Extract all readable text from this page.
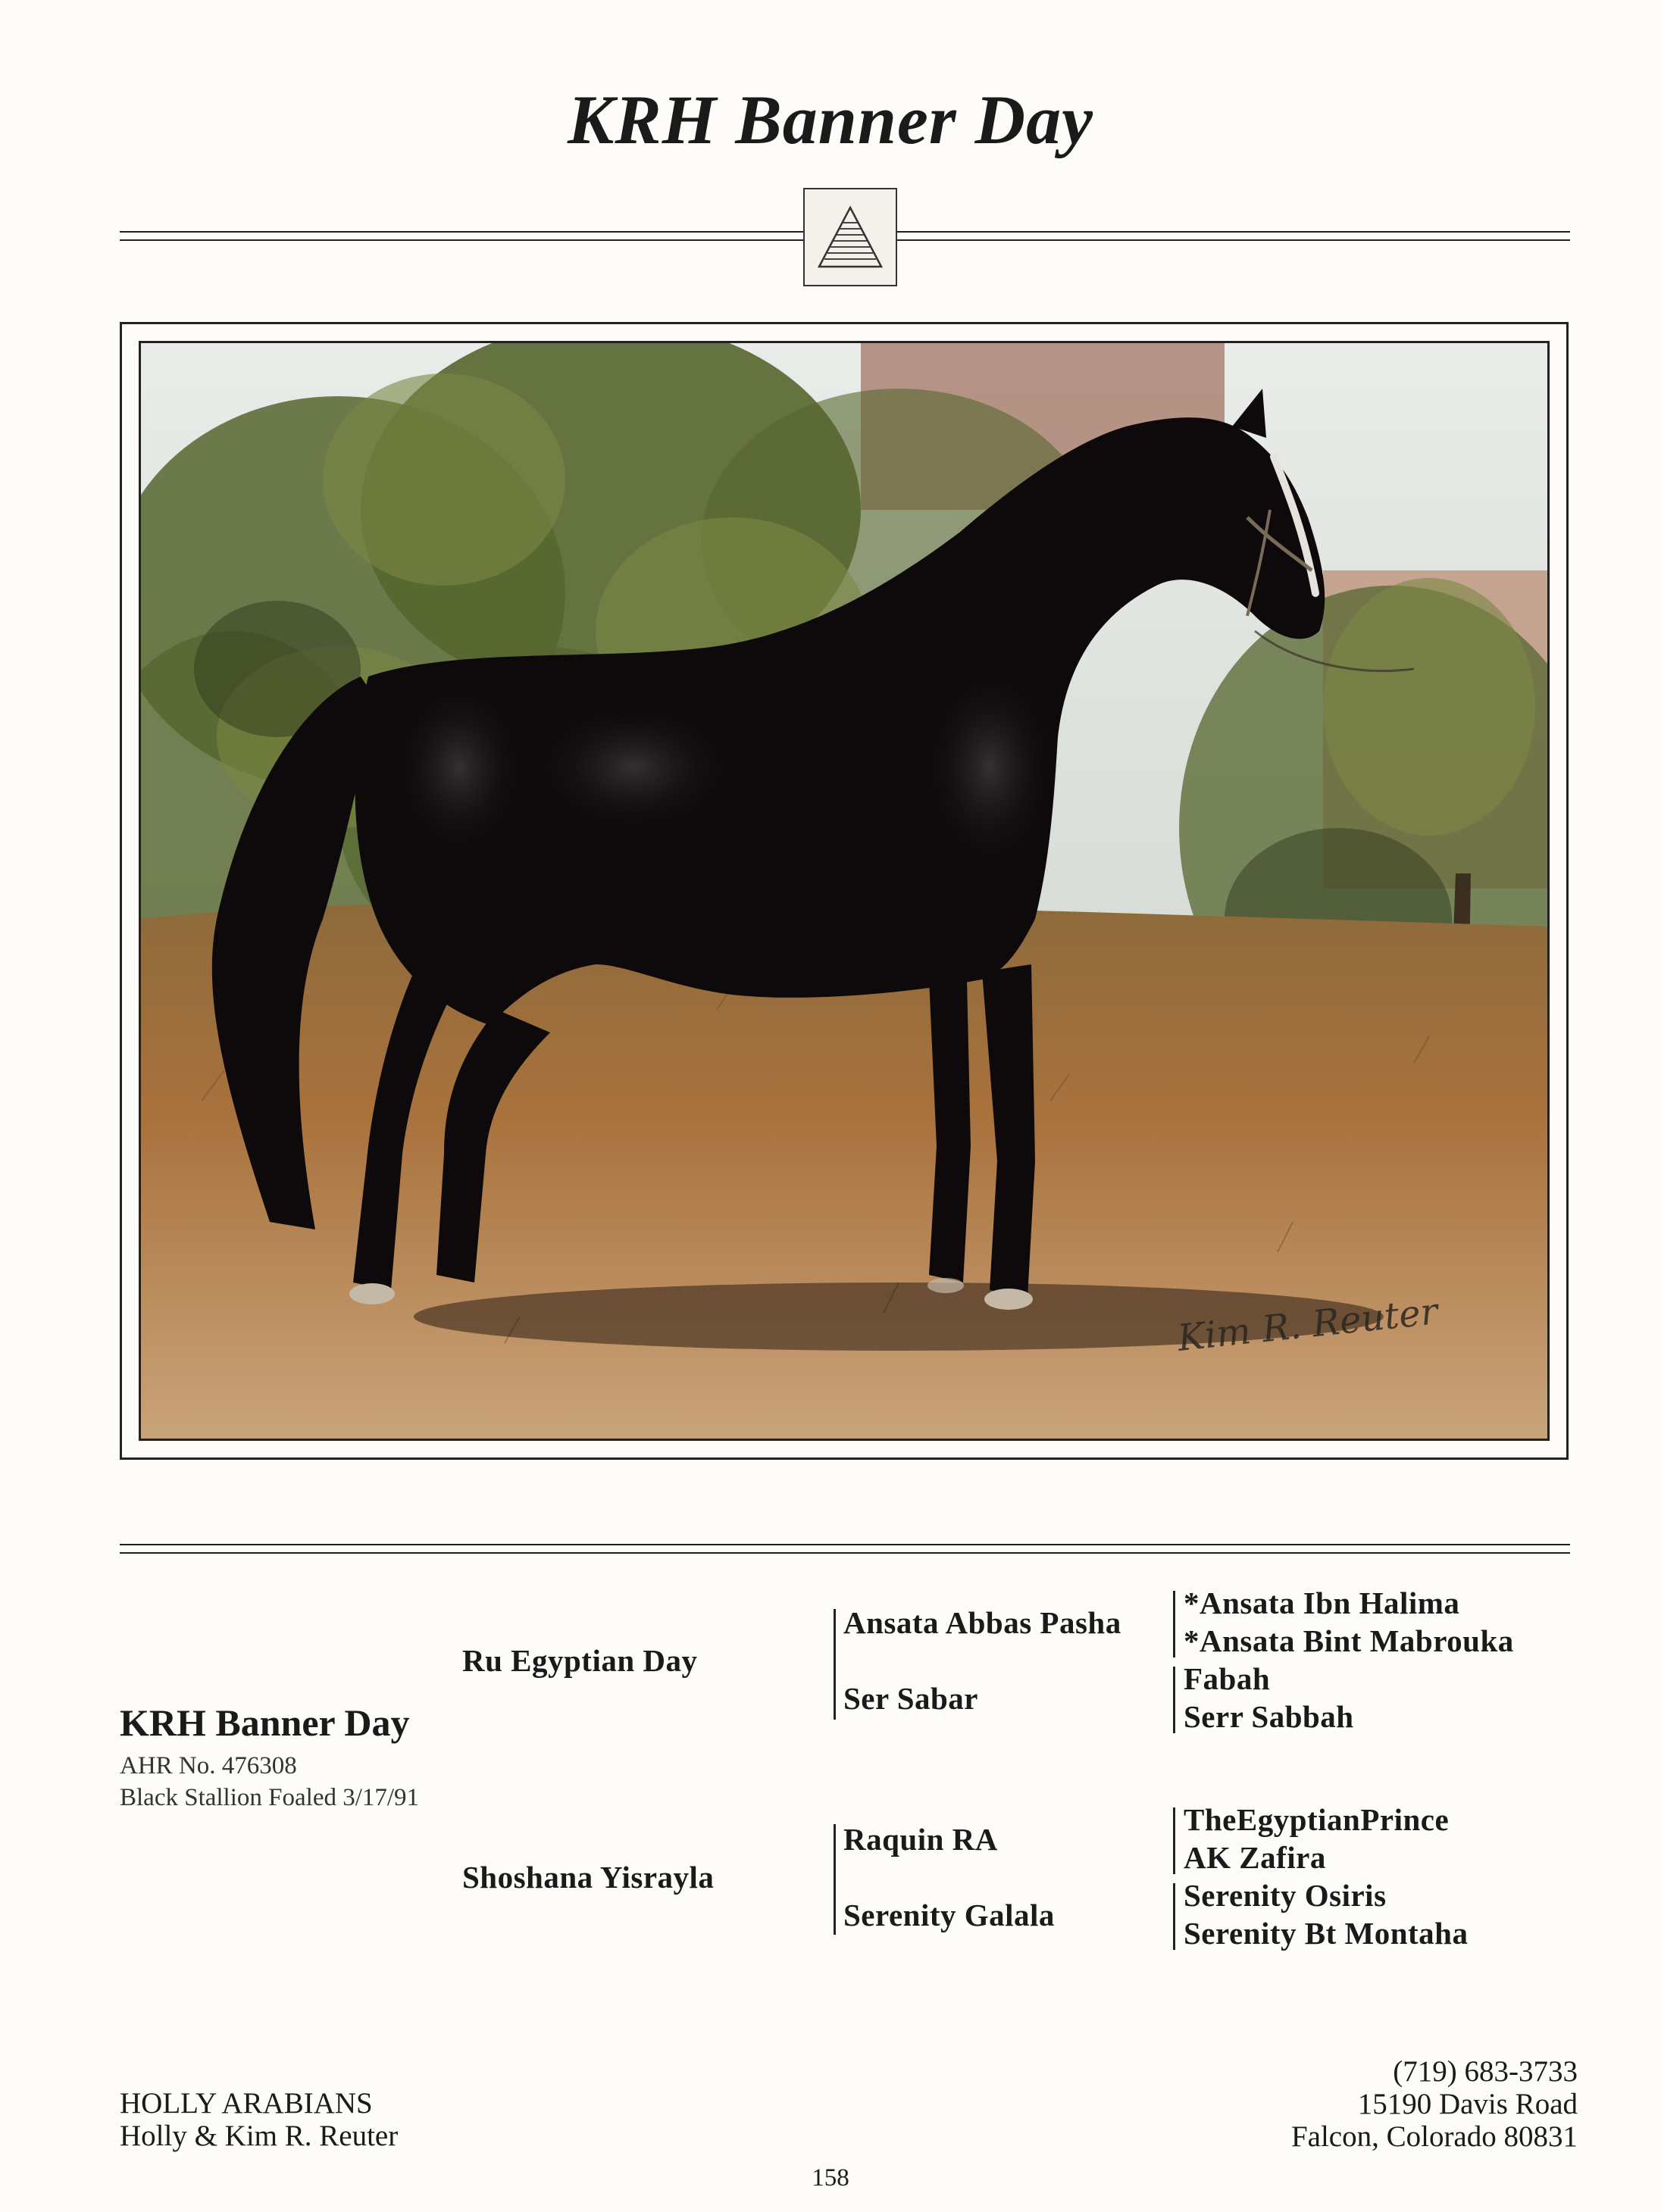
KRH Banner Day
Kim R. Reuter
Ru Egyptian Day
Shoshana Yisrayla
Ansata Abbas Pasha
Ser Sabar
Raquin RA
Serenity Galala
*Ansata Ibn Halima
*Ansata Bint Mabrouka
Fabah
Serr Sabbah
TheEgyptianPrince
AK Zafira
Serenity Osiris
Serenity Bt Montaha
KRH Banner Day
AHR No. 476308
Black Stallion Foaled 3/17/91
HOLLY ARABIANS
Holly & Kim R. Reuter
(719) 683-3733
15190 Davis Road
Falcon, Colorado 80831
158
